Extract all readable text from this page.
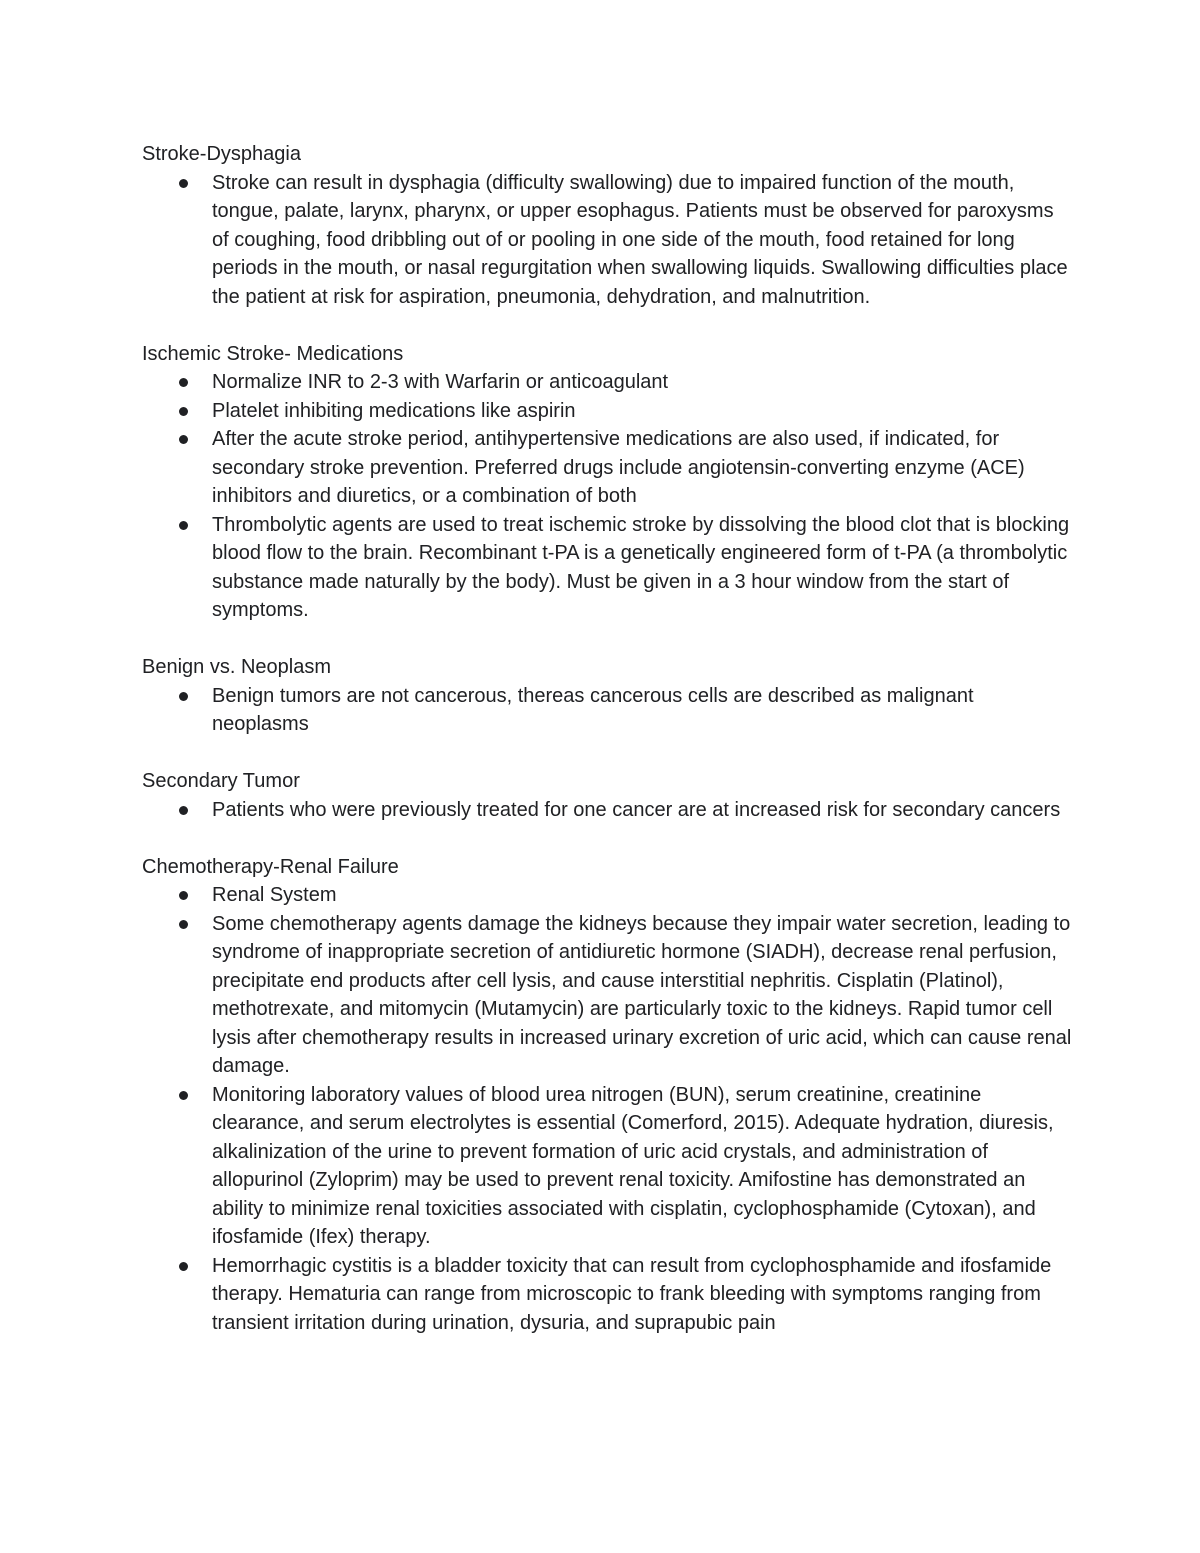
Stroke-Dysphagia
Stroke can result in dysphagia (difficulty swallowing) due to impaired function of the mouth, tongue, palate, larynx, pharynx, or upper esophagus. Patients must be observed for paroxysms of coughing, food dribbling out of or pooling in one side of the mouth, food retained for long periods in the mouth, or nasal regurgitation when swallowing liquids. Swallowing difficulties place the patient at risk for aspiration, pneumonia, dehydration, and malnutrition.
Ischemic Stroke- Medications
Normalize INR to 2-3 with Warfarin or anticoagulant
Platelet inhibiting medications like aspirin
After the acute stroke period, antihypertensive medications are also used, if indicated, for secondary stroke prevention. Preferred drugs include angiotensin-converting enzyme (ACE) inhibitors and diuretics, or a combination of both
Thrombolytic agents are used to treat ischemic stroke by dissolving the blood clot that is blocking blood flow to the brain. Recombinant t-PA is a genetically engineered form of t-PA (a thrombolytic substance made naturally by the body). Must be given in a 3 hour window from the start of symptoms.
Benign vs. Neoplasm
Benign tumors are not cancerous, thereas cancerous cells are described as malignant neoplasms
Secondary Tumor
Patients who were previously treated for one cancer are at increased risk for secondary cancers
Chemotherapy-Renal Failure
Renal System
Some chemotherapy agents damage the kidneys because they impair water secretion, leading to syndrome of inappropriate secretion of antidiuretic hormone (SIADH), decrease renal perfusion, precipitate end products after cell lysis, and cause interstitial nephritis. Cisplatin (Platinol), methotrexate, and mitomycin (Mutamycin) are particularly toxic to the kidneys. Rapid tumor cell lysis after chemotherapy results in increased urinary excretion of uric acid, which can cause renal damage.
Monitoring laboratory values of blood urea nitrogen (BUN), serum creatinine, creatinine clearance, and serum electrolytes is essential (Comerford, 2015). Adequate hydration, diuresis, alkalinization of the urine to prevent formation of uric acid crystals, and administration of allopurinol (Zyloprim) may be used to prevent renal toxicity. Amifostine has demonstrated an ability to minimize renal toxicities associated with cisplatin, cyclophosphamide (Cytoxan), and ifosfamide (Ifex) therapy.
Hemorrhagic cystitis is a bladder toxicity that can result from cyclophosphamide and ifosfamide therapy. Hematuria can range from microscopic to frank bleeding with symptoms ranging from transient irritation during urination, dysuria, and suprapubic pain
